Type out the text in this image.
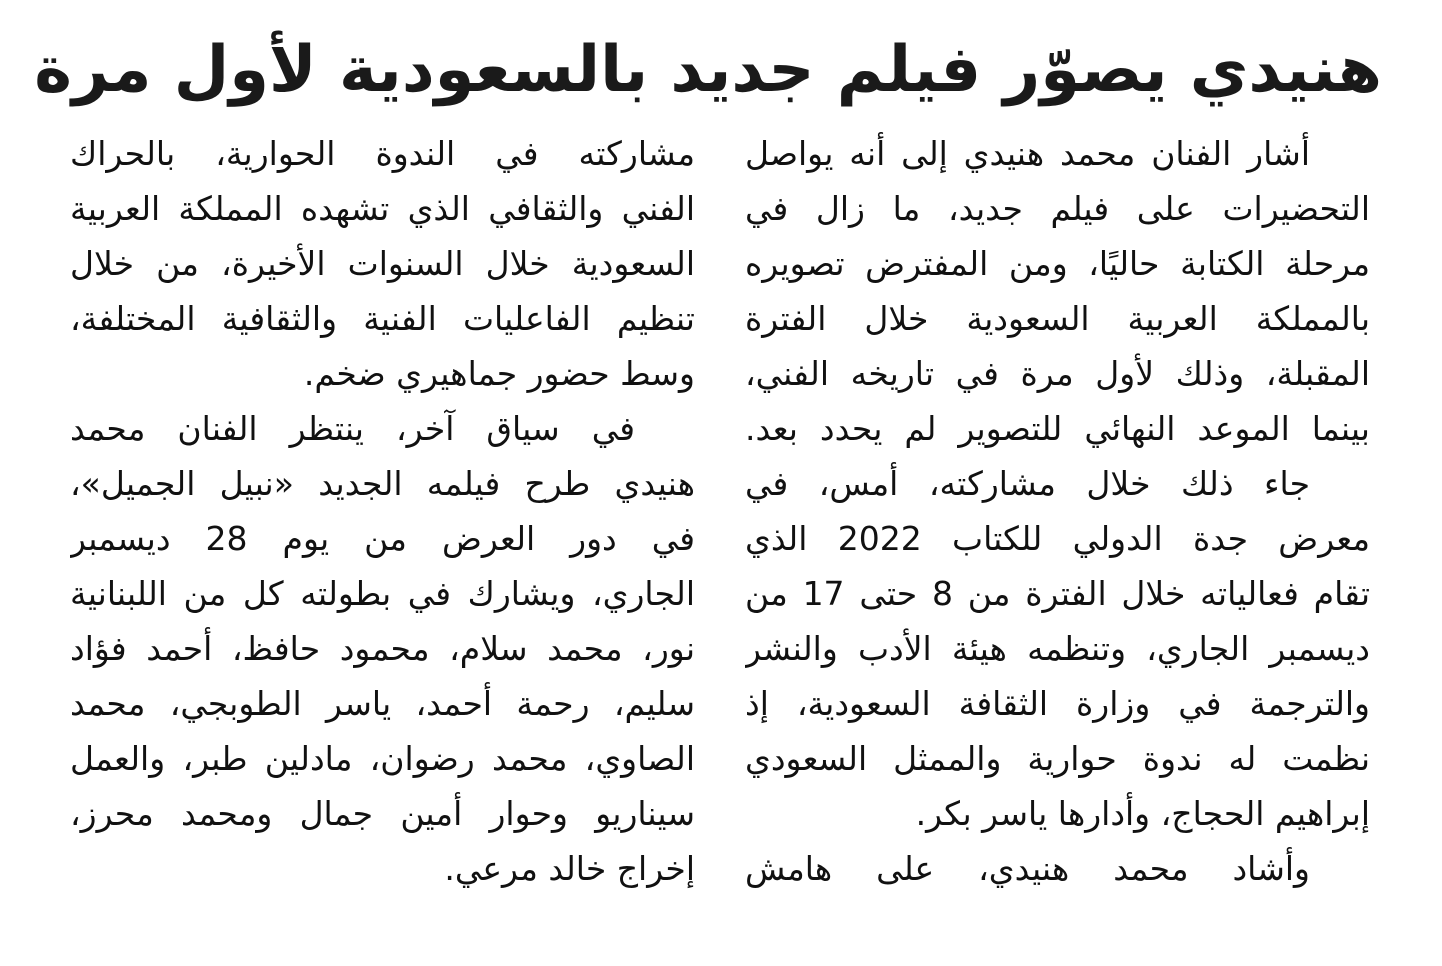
هنيدي يصوّر فيلم جديد بالسعودية لأول مرة
أشار الفنان محمد هنيدي إلى أنه يواصل
التحضيرات على فيلم جديد، ما زال في
مرحلة الكتابة حاليًا، ومن المفترض تصويره
بالمملكة العربية السعودية خلال الفترة
المقبلة، وذلك لأول مرة في تاريخه الفني،
بينما الموعد النهائي للتصوير لم يحدد بعد.
جاء ذلك خلال مشاركته، أمس، في
معرض جدة الدولي للكتاب 2022 الذي
تقام فعالياته خلال الفترة من 8 حتى 17 من
ديسمبر الجاري، وتنظمه هيئة الأدب والنشر
والترجمة في وزارة الثقافة السعودية، إذ
نظمت له ندوة حوارية والممثل السعودي
إبراهيم الحجاج، وأدارها ياسر بكر.
وأشاد محمد هنيدي، على هامش
مشاركته في الندوة الحوارية، بالحراك
الفني والثقافي الذي تشهده المملكة العربية
السعودية خلال السنوات الأخيرة، من خلال
تنظيم الفاعليات الفنية والثقافية المختلفة،
وسط حضور جماهيري ضخم.
في سياق آخر، ينتظر الفنان محمد
هنيدي طرح فيلمه الجديد «نبيل الجميل»،
في دور العرض من يوم 28 ديسمبر
الجاري، ويشارك في بطولته كل من اللبنانية
نور، محمد سلام، محمود حافظ، أحمد فؤاد
سليم، رحمة أحمد، ياسر الطوبجي، محمد
الصاوي، محمد رضوان، مادلين طبر، والعمل
سيناريو وحوار أمين جمال ومحمد محرز،
إخراج خالد مرعي.
